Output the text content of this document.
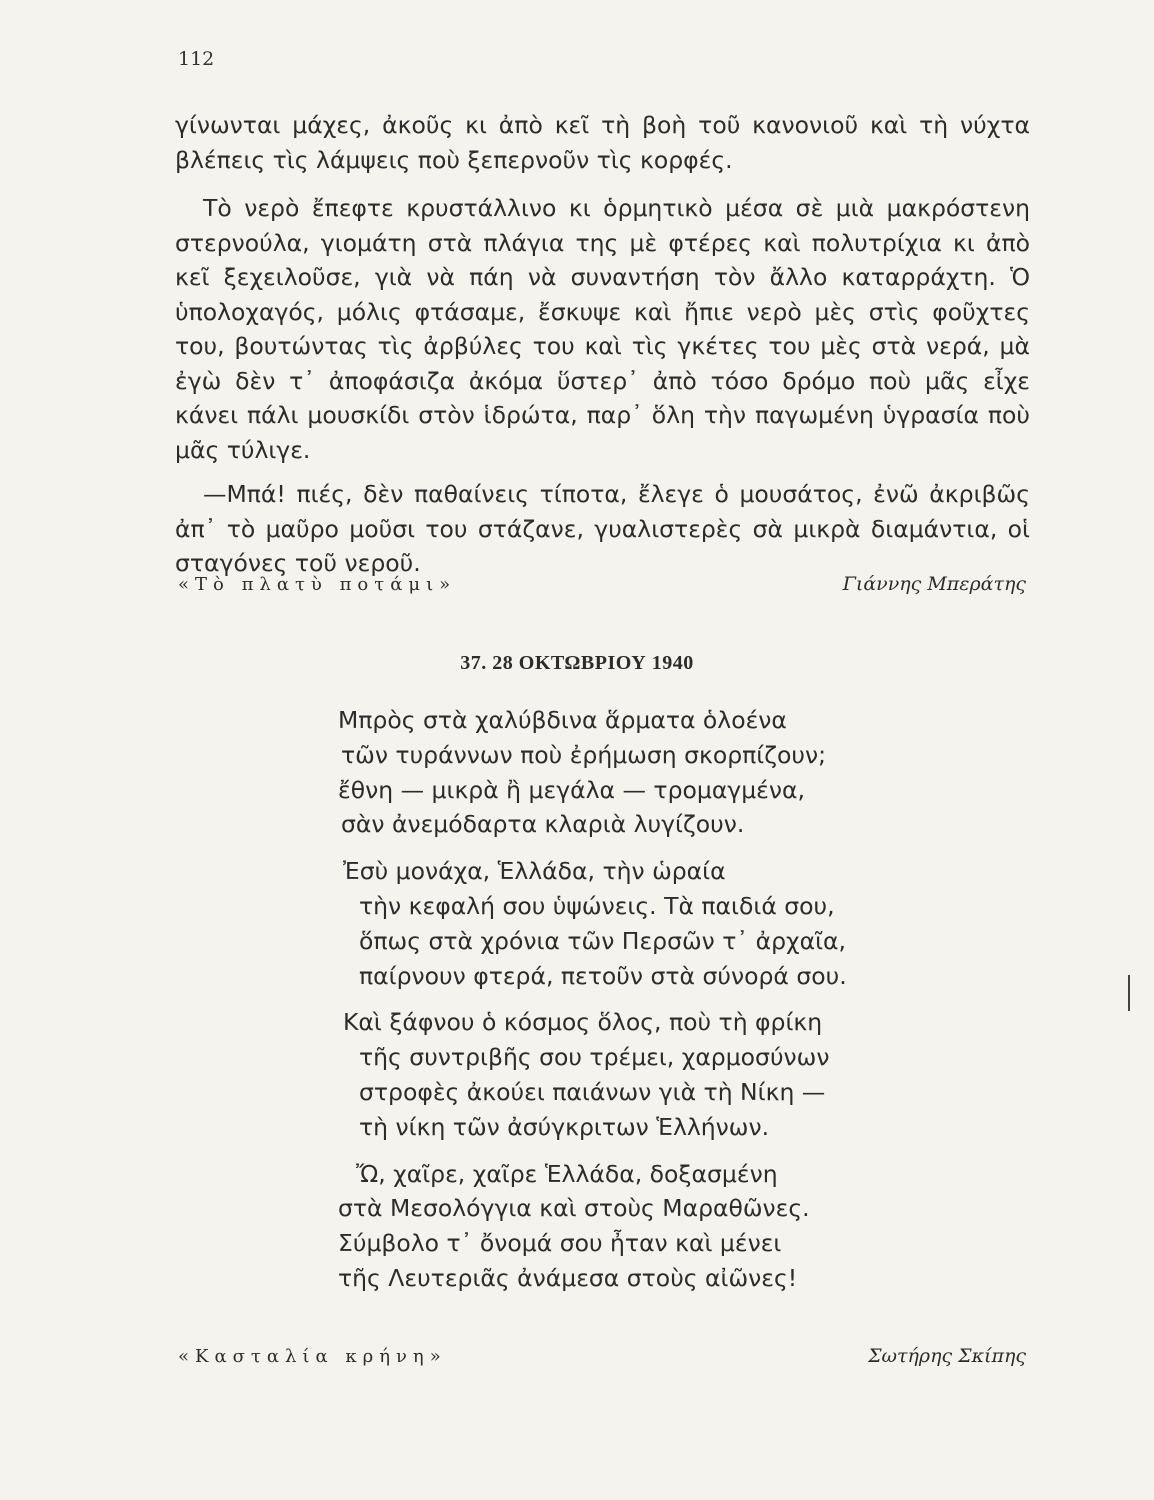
112

γίνωνται μάχες, ἀκοῦς κι ἀπὸ κεῖ τὴ βοὴ τοῦ κανονιοῦ καὶ τὴ νύχτα βλέπεις τὶς λάμψεις ποὺ ξεπερνοῦν τὶς κορφές.

Τὸ νερὸ ἔπεφτε κρυστάλλινο κι ὁρμητικὸ μέσα σὲ μιὰ μακρόστενη στερνούλα, γιομάτη στὰ πλάγια της μὲ φτέρες καὶ πολυτρίχια κι ἀπὸ κεῖ ξεχειλοῦσε, γιὰ νὰ πάη νὰ συναντήση τὸν ἄλλο καταρράχτη. Ὁ ὑπολοχαγός, μόλις φτάσαμε, ἔσκυψε καὶ ἤπιε νερὸ μὲς στὶς φοῦχτες του, βουτώντας τὶς ἀρβύλες του καὶ τὶς γκέτες του μὲς στὰ νερά, μὰ ἐγὼ δὲν τ᾽ ἀποφάσιζα ἀκόμα ὕστερ᾽ ἀπὸ τόσο δρόμο ποὺ μᾶς εἶχε κάνει πάλι μουσκίδι στὸν ἱδρώτα, παρ᾽ ὅλη τὴν παγωμένη ὑγρασία ποὺ μᾶς τύλιγε.

—Μπά! πιές, δὲν παθαίνεις τίποτα, ἔλεγε ὁ μουσάτος, ἐνῶ ἀκριβῶς ἀπ᾽ τὸ μαῦρο μοῦσι του στάζανε, γυαλιστερὲς σὰ μικρὰ διαμάντια, οἱ σταγόνες τοῦ νεροῦ.

«Τὸ πλατὺ ποτάμι»	Γιάννης Μπεράτης
37. 28 ΟΚΤΩΒΡΙΟΥ 1940
Μπρὸς στὰ χαλύβδινα ἅρματα ὁλοένα
τῶν τυράννων ποὺ ἐρήμωση σκορπίζουν;
ἔθνη — μικρὰ ἢ μεγάλα — τρομαγμένα,
σὰν ἀνεμόδαρτα κλαριὰ λυγίζουν.
Ἐσὺ μονάχα, Ἑλλάδα, τὴν ὡραία
τὴν κεφαλή σου ὑψώνεις. Τὰ παιδιά σου,
ὅπως στὰ χρόνια τῶν Περσῶν τ᾽ ἀρχαῖα,
παίρνουν φτερά, πετοῦν στὰ σύνορά σου.
Καὶ ξάφνου ὁ κόσμος ὅλος, ποὺ τὴ φρίκη
τῆς συντριβῆς σου τρέμει, χαρμοσύνων
στροφὲς ἀκούει παιάνων γιὰ τὴ Νίκη —
τὴ νίκη τῶν ἀσύγκριτων Ἑλλήνων.
Ὤ, χαῖρε, χαῖρε Ἑλλάδα, δοξασμένη
στὰ Μεσολόγγια καὶ στοὺς Μαραθῶνες.
Σύμβολο τ᾽ ὄνομά σου ἦταν καὶ μένει
τῆς Λευτεριᾶς ἀνάμεσα στοὺς αἰῶνες!
«Κασταλία κρήνη»	Σωτήρης Σκίπης
